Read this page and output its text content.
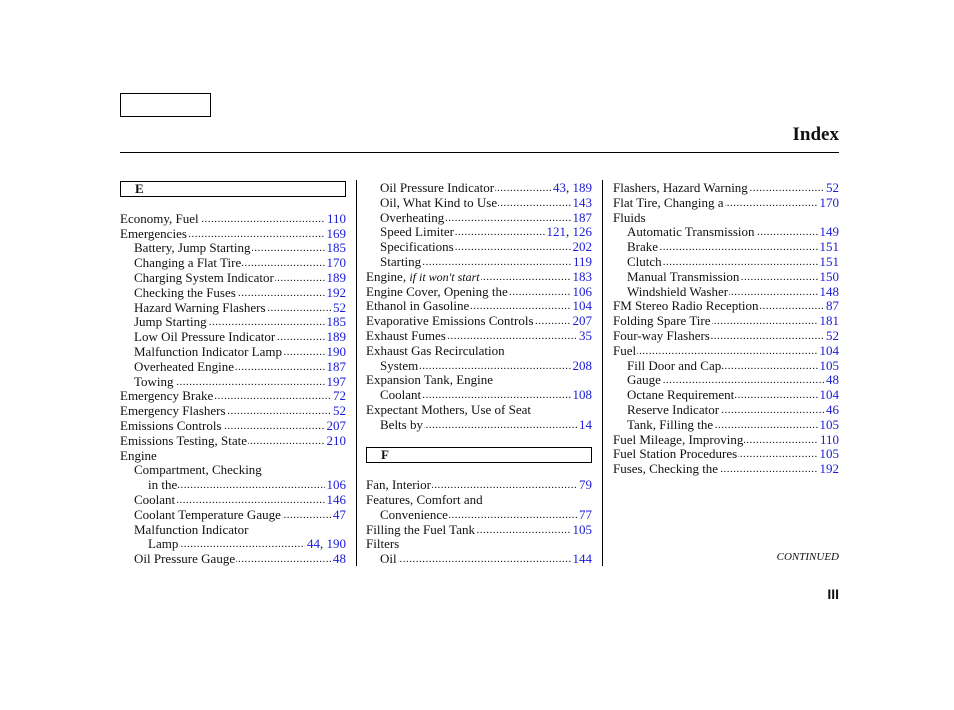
Index
E
.....
Economy, Fuel	110
.....
Emergencies	169
.....
Battery, Jump Starting	185
.....
Changing a Flat Tire	170
.....
Charging System Indicator	189
.....
Checking the Fuses	192
.....
Hazard Warning Flashers	52
.....
Jump Starting	185
.....
Low Oil Pressure Indicator	189
.....
Malfunction Indicator Lamp	190
.....
Overheated Engine	187
.....
Towing	197
.....
Emergency Brake	72
.....
Emergency Flashers	52
.....
Emissions Controls	207
.....
Emissions Testing, State	210
Engine
Compartment, Checking
.....
in the	106
.....
Coolant	146
.....
Coolant Temperature Gauge	47
Malfunction Indicator
.....
Lamp	44, 190
.....
Oil Pressure Gauge	48
.....
Oil Pressure Indicator	43, 189
.....
Oil, What Kind to Use	143
.....
Overheating	187
.....
Speed Limiter	121, 126
.....
Specifications	202
.....
Starting	119
.....
Engine, if it won't start	183
.....
Engine Cover, Opening the	106
.....
Ethanol in Gasoline	104
.....
Evaporative Emissions Controls	207
.....
Exhaust Fumes	35
Exhaust Gas Recirculation
.....
System	208
Expansion Tank, Engine
.....
Coolant	108
Expectant Mothers, Use of Seat
.....
Belts by	14
F
.....
Fan, Interior	79
Features, Comfort and
.....
Convenience	77
.....
Filling the Fuel Tank	105
Filters
.....
Oil	144
.....
Flashers, Hazard Warning	52
.....
Flat Tire, Changing a	170
Fluids
.....
Automatic Transmission	149
.....
Brake	151
.....
Clutch	151
.....
Manual Transmission	150
.....
Windshield Washer	148
.....
FM Stereo Radio Reception	87
.....
Folding Spare Tire	181
.....
Four-way Flashers	52
.....
Fuel	104
.....
Fill Door and Cap	105
.....
Gauge	48
.....
Octane Requirement	104
.....
Reserve Indicator	46
.....
Tank, Filling the	105
.....
Fuel Mileage, Improving	110
.....
Fuel Station Procedures	105
.....
Fuses, Checking the	192
CONTINUED
III
